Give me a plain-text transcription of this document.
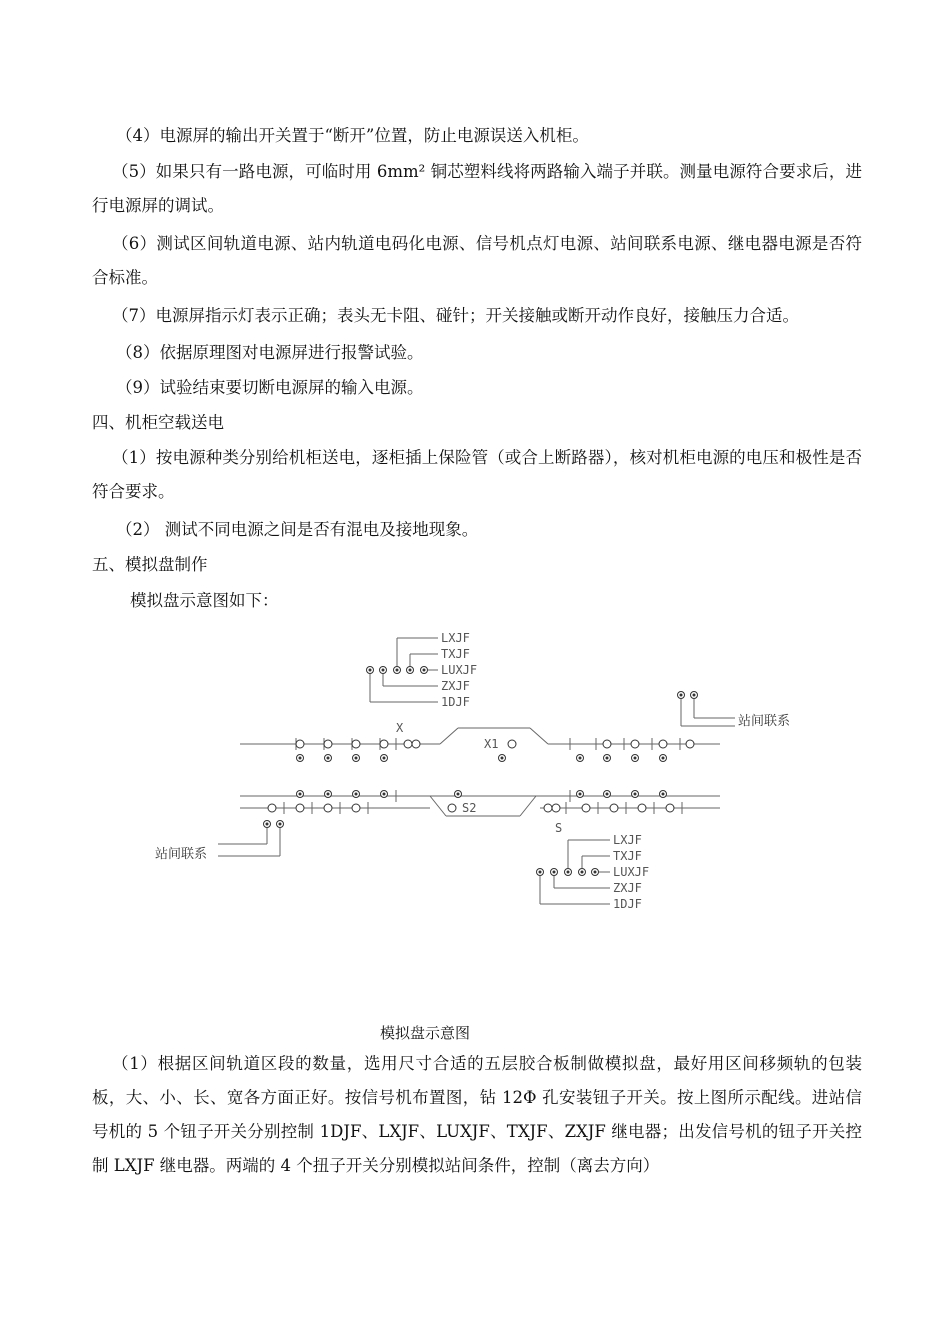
（4）电源屏的输出开关置于“断开”位置，防止电源误送入机柜。
（5）如果只有一路电源，可临时用 6mm² 铜芯塑料线将两路输入端子并联。测量电源符合要求后，进行电源屏的调试。
（6）测试区间轨道电源、站内轨道电码化电源、信号机点灯电源、站间联系电源、继电器电源是否符合标准。
（7）电源屏指示灯表示正确；表头无卡阻、碰针；开关接触或断开动作良好，接触压力合适。
（8）依据原理图对电源屏进行报警试验。
（9）试验结束要切断电源屏的输入电源。
四、机柜空载送电
（1）按电源种类分别给机柜送电，逐柜插上保险管（或合上断路器），核对机柜电源的电压和极性是否符合要求。
（2） 测试不同电源之间是否有混电及接地现象。
五、模拟盘制作
模拟盘示意图如下：
LXJF
TXJF
LUXJF
ZXJF
1DJF
站间联系
X
X1
S2
S
站间联系
LXJF
TXJF
LUXJF
ZXJF
1DJF
模拟盘示意图
（1）根据区间轨道区段的数量，选用尺寸合适的五层胶合板制做模拟盘，最好用区间移频轨的包装板，大、小、长、宽各方面正好。按信号机布置图，钻 12Φ 孔安装钮子开关。按上图所示配线。进站信号机的 5 个钮子开关分别控制 1DJF、LXJF、LUXJF、TXJF、ZXJF 继电器；出发信号机的钮子开关控制 LXJF 继电器。两端的 4 个扭子开关分别模拟站间条件，控制（离去方向）
